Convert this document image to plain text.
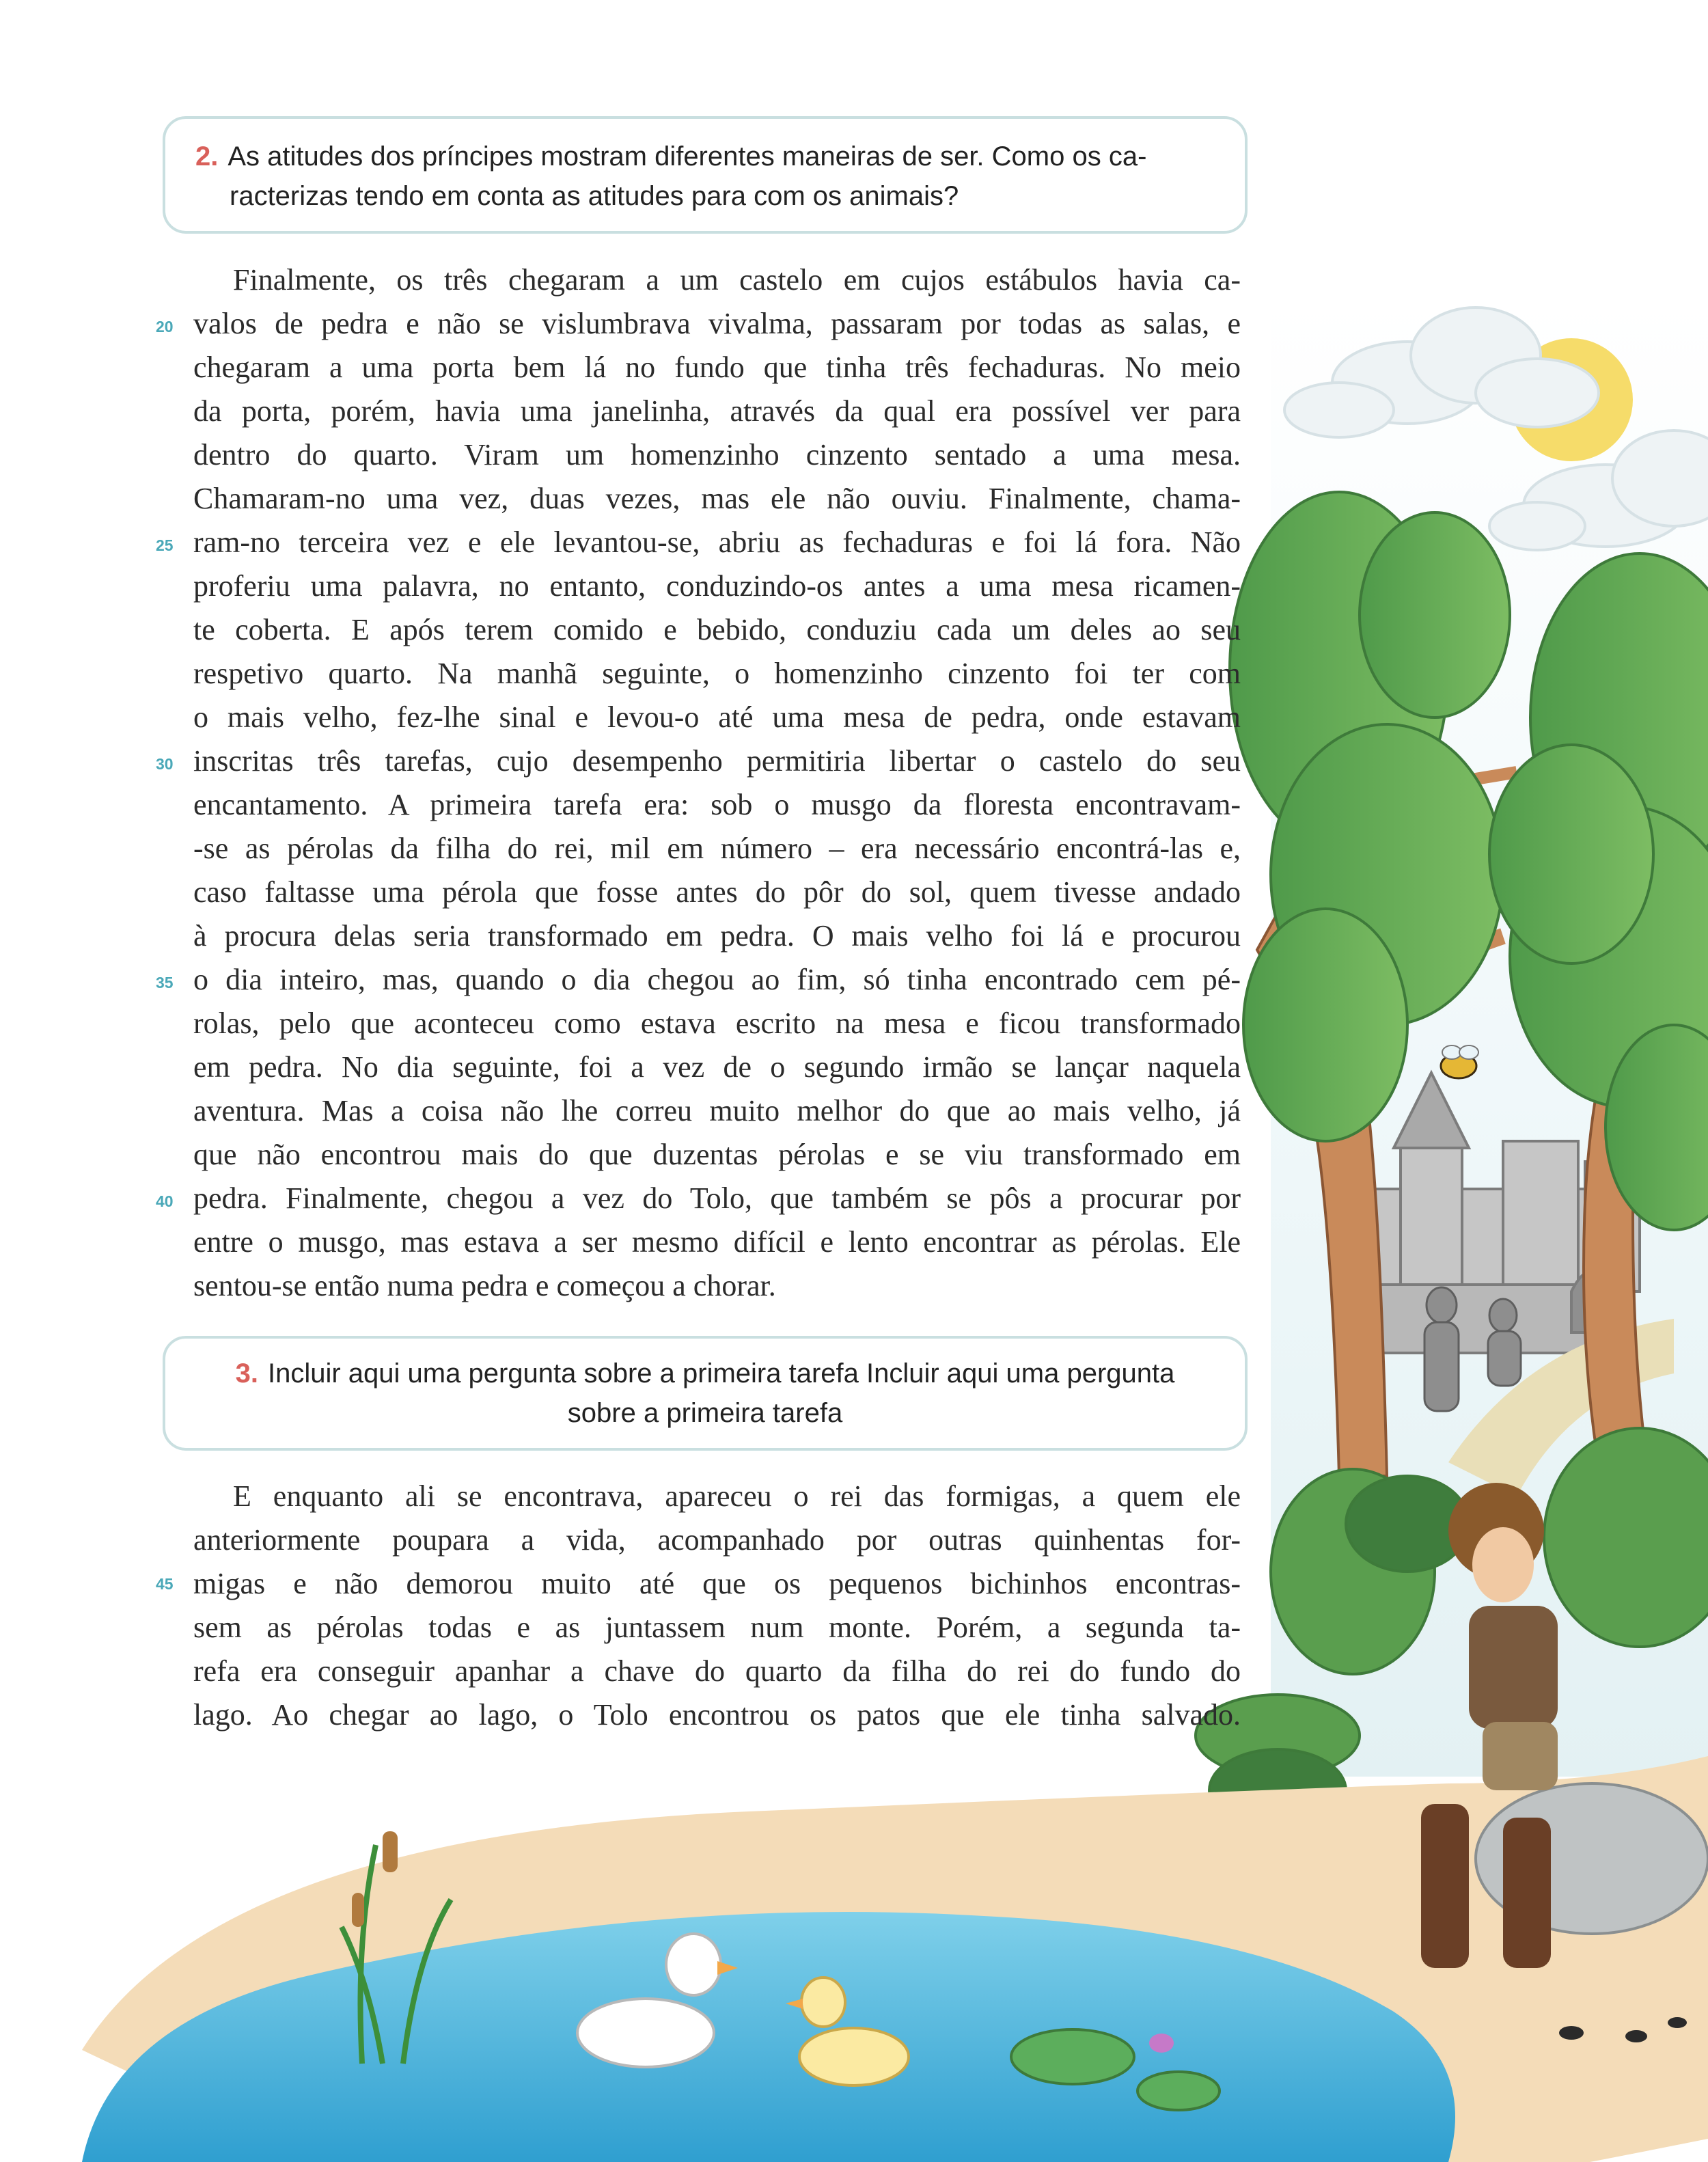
2. As atitudes dos príncipes mostram diferentes maneiras de ser. Como os ca-
racterizas tendo em conta as atitudes para com os animais?
Finalmente, os três chegaram a um castelo em cujos estábulos havia ca-
valos de pedra e não se vislumbrava vivalma, passaram por todas as salas, e
chegaram a uma porta bem lá no fundo que tinha três fechaduras. No meio
da porta, porém, havia uma janelinha, através da qual era possível ver para
dentro do quarto. Viram um homenzinho cinzento sentado a uma mesa.
Chamaram-no uma vez, duas vezes, mas ele não ouviu. Finalmente, chama-
ram-no terceira vez e ele levantou-se, abriu as fechaduras e foi lá fora. Não
proferiu uma palavra, no entanto, conduzindo-os antes a uma mesa ricamen-
te coberta. E após terem comido e bebido, conduziu cada um deles ao seu
respetivo quarto. Na manhã seguinte, o homenzinho cinzento foi ter com
o mais velho, fez-lhe sinal e levou-o até uma mesa de pedra, onde estavam
inscritas três tarefas, cujo desempenho permitiria libertar o castelo do seu
encantamento. A primeira tarefa era: sob o musgo da floresta encontravam-
-se as pérolas da filha do rei, mil em número – era necessário encontrá-las e,
caso faltasse uma pérola que fosse antes do pôr do sol, quem tivesse andado
à procura delas seria transformado em pedra. O mais velho foi lá e procurou
o dia inteiro, mas, quando o dia chegou ao fim, só tinha encontrado cem pé-
rolas, pelo que aconteceu como estava escrito na mesa e ficou transformado
em pedra. No dia seguinte, foi a vez de o segundo irmão se lançar naquela
aventura. Mas a coisa não lhe correu muito melhor do que ao mais velho, já
que não encontrou mais do que duzentas pérolas e se viu transformado em
pedra. Finalmente, chegou a vez do Tolo, que também se pôs a procurar por
entre o musgo, mas estava a ser mesmo difícil e lento encontrar as pérolas. Ele
sentou-se então numa pedra e começou a chorar.
20
25
30
35
40
45
3. Incluir aqui uma pergunta sobre a primeira tarefa Incluir aqui uma pergunta
sobre a primeira tarefa
E enquanto ali se encontrava, apareceu o rei das formigas, a quem ele
anteriormente poupara a vida, acompanhado por outras quinhentas for-
migas e não demorou muito até que os pequenos bichinhos encontras-
sem as pérolas todas e as juntassem num monte. Porém, a segunda ta-
refa era conseguir apanhar a chave do quarto da filha do rei do fundo do
lago. Ao chegar ao lago, o Tolo encontrou os patos que ele tinha salvado.
